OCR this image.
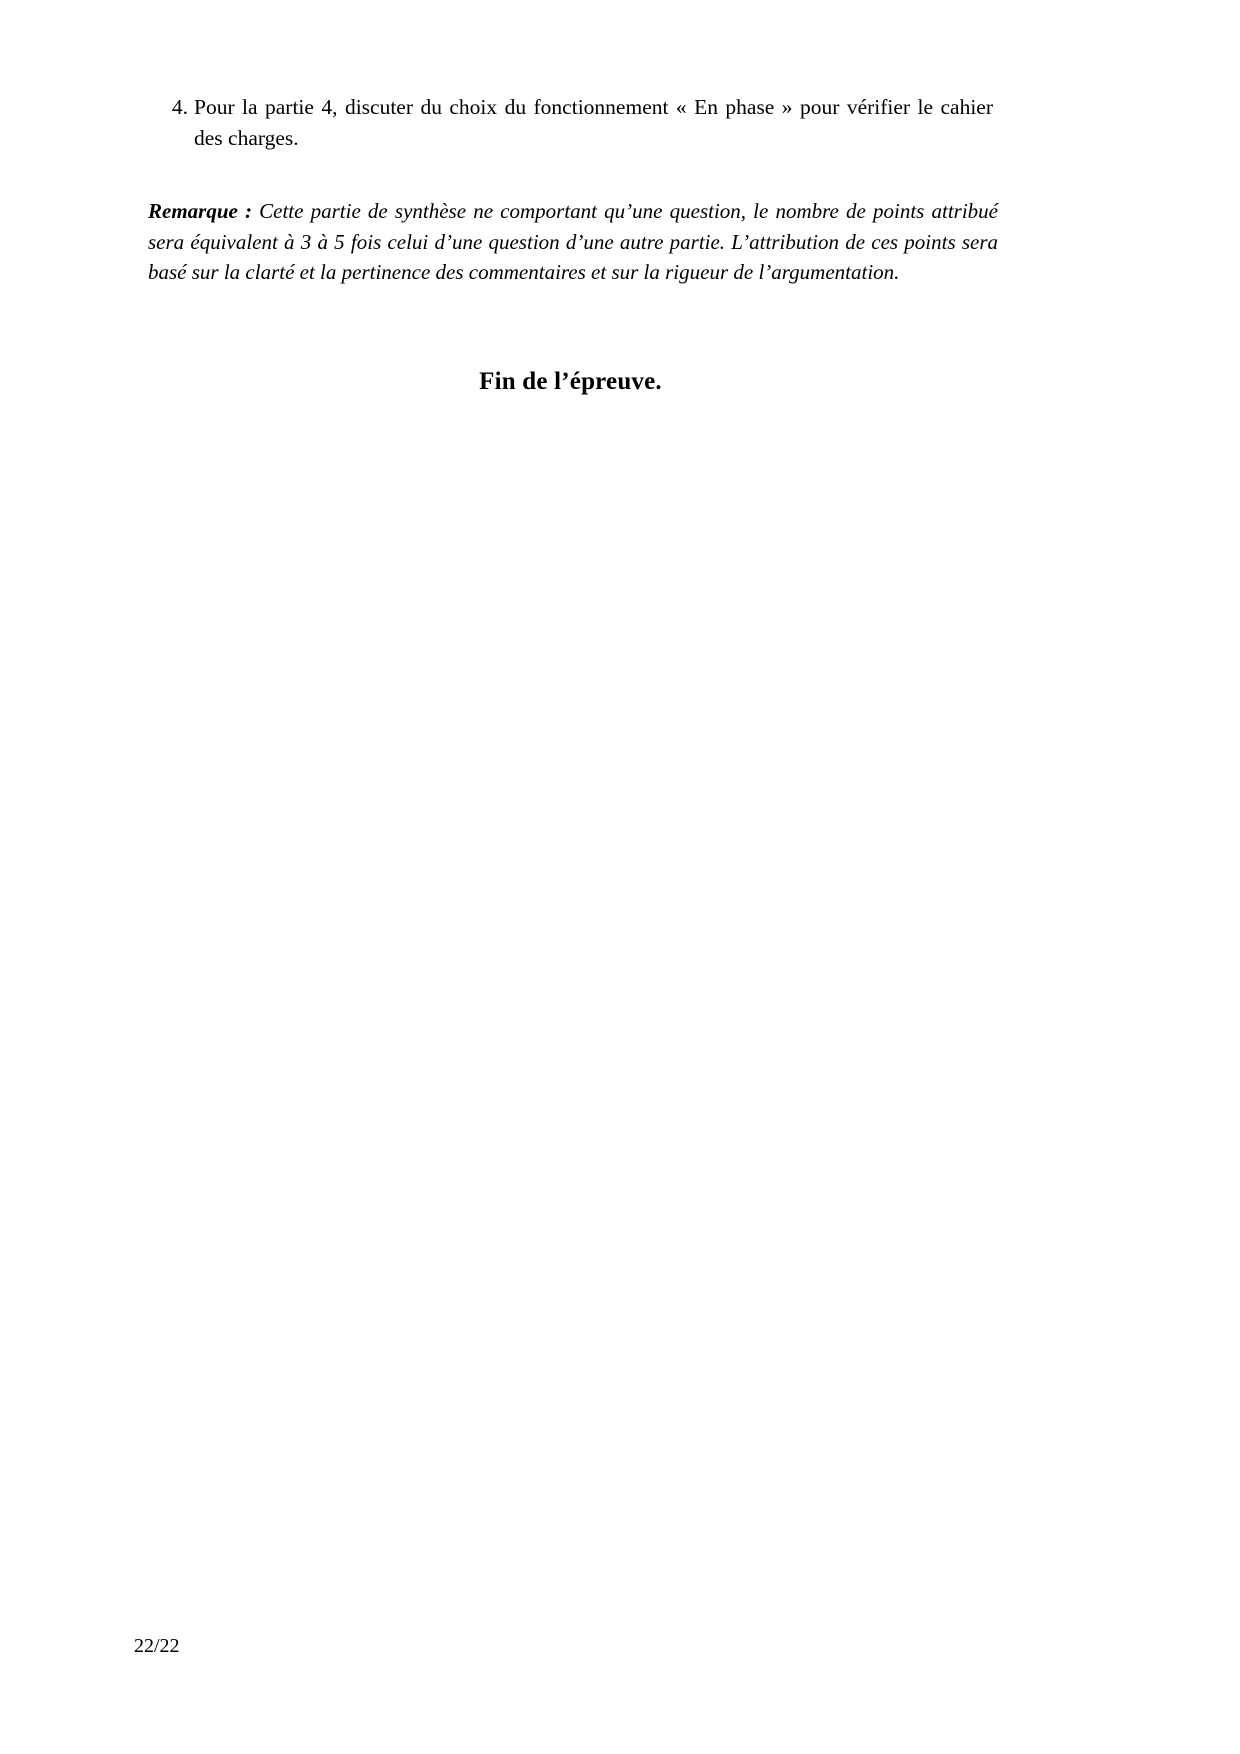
4. Pour la partie 4, discuter du choix du fonctionnement « En phase » pour vérifier le cahier des charges.

Remarque : Cette partie de synthèse ne comportant qu’une question, le nombre de points attribué sera équivalent à 3 à 5 fois celui d’une question d’une autre partie. L’attribution de ces points sera basé sur la clarté et la pertinence des commentaires et sur la rigueur de l’argumentation.

Fin de l’épreuve.
22/22
